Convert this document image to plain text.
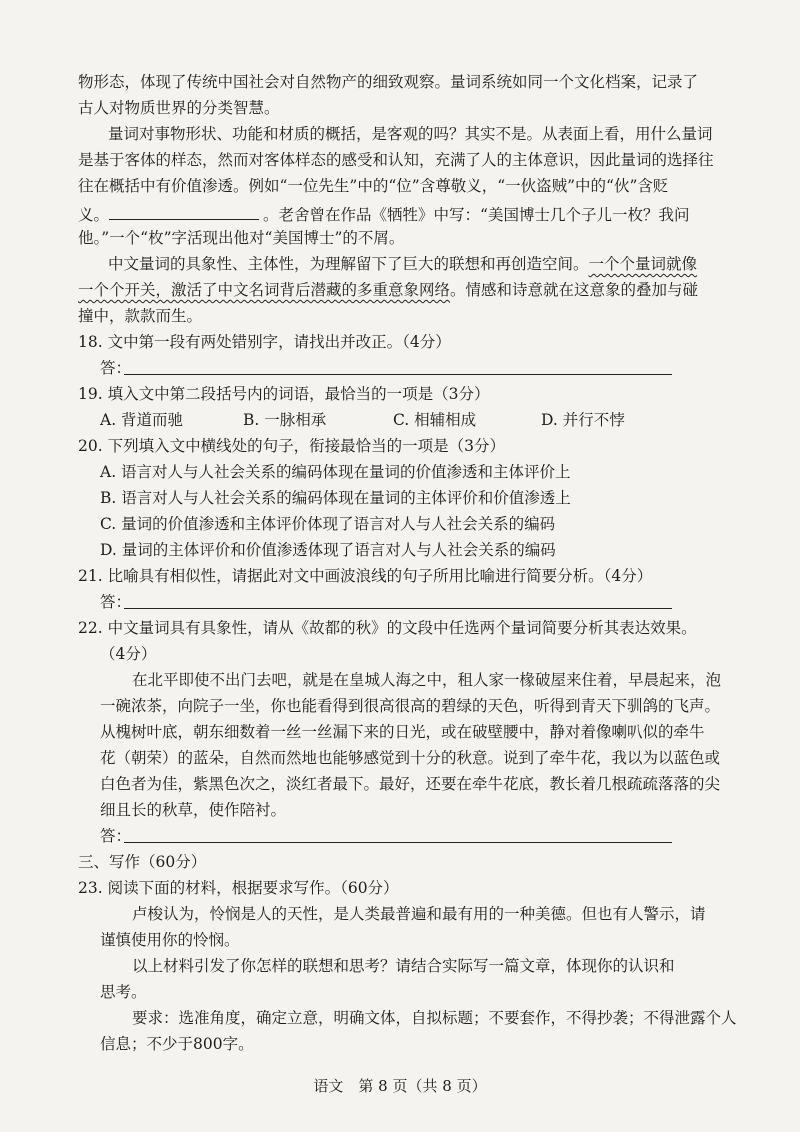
物形态，体现了传统中国社会对自然物产的细致观察。量词系统如同一个文化档案，记录了
古人对物质世界的分类智慧。
量词对事物形状、功能和材质的概括，是客观的吗？其实不是。从表面上看，用什么量词
是基于客体的样态，然而对客体样态的感受和认知，充满了人的主体意识，因此量词的选择往
往在概括中有价值渗透。例如“一位先生”中的“位”含尊敬义，“一伙盗贼”中的“伙”含贬
义。	。老舍曾在作品《牺牲》中写：“美国博士几个子儿一枚？我问
他。”一个“枚”字活现出他对“美国博士”的不屑。
中文量词的具象性、主体性，为理解留下了巨大的联想和再创造空间。一个个量词就像
一个个开关，激活了中文名词背后潜藏的多重意象网络。情感和诗意就在这意象的叠加与碰
撞中，款款而生。
18. 文中第一段有两处错别字，请找出并改正。（4分）
答：
19. 填入文中第二段括号内的词语，最恰当的一项是（3分）
A. 背道而驰	B. 一脉相承	C. 相辅相成	D. 并行不悖
20. 下列填入文中横线处的句子，衔接最恰当的一项是（3分）
A. 语言对人与人社会关系的编码体现在量词的价值渗透和主体评价上
B. 语言对人与人社会关系的编码体现在量词的主体评价和价值渗透上
C. 量词的价值渗透和主体评价体现了语言对人与人社会关系的编码
D. 量词的主体评价和价值渗透体现了语言对人与人社会关系的编码
21. 比喻具有相似性，请据此对文中画波浪线的句子所用比喻进行简要分析。（4分）
答：
22. 中文量词具有具象性，请从《故都的秋》的文段中任选两个量词简要分析其表达效果。
（4分）
在北平即使不出门去吧，就是在皇城人海之中，租人家一椽破屋来住着，早晨起来，泡
一碗浓茶，向院子一坐，你也能看得到很高很高的碧绿的天色，听得到青天下驯鸽的飞声。
从槐树叶底，朝东细数着一丝一丝漏下来的日光，或在破壁腰中，静对着像喇叭似的牵牛
花（朝荣）的蓝朵，自然而然地也能够感觉到十分的秋意。说到了牵牛花，我以为以蓝色或
白色者为佳，紫黑色次之，淡红者最下。最好，还要在牵牛花底，教长着几根疏疏落落的尖
细且长的秋草，使作陪衬。
答：
三、写作（60分）
23. 阅读下面的材料，根据要求写作。（60分）
卢梭认为，怜悯是人的天性，是人类最普遍和最有用的一种美德。但也有人警示，请
谨慎使用你的怜悯。
以上材料引发了你怎样的联想和思考？请结合实际写一篇文章，体现你的认识和
思考。
要求：选准角度，确定立意，明确文体，自拟标题；不要套作，不得抄袭；不得泄露个人
信息；不少于800字。
语文　第 8 页（共 8 页）
